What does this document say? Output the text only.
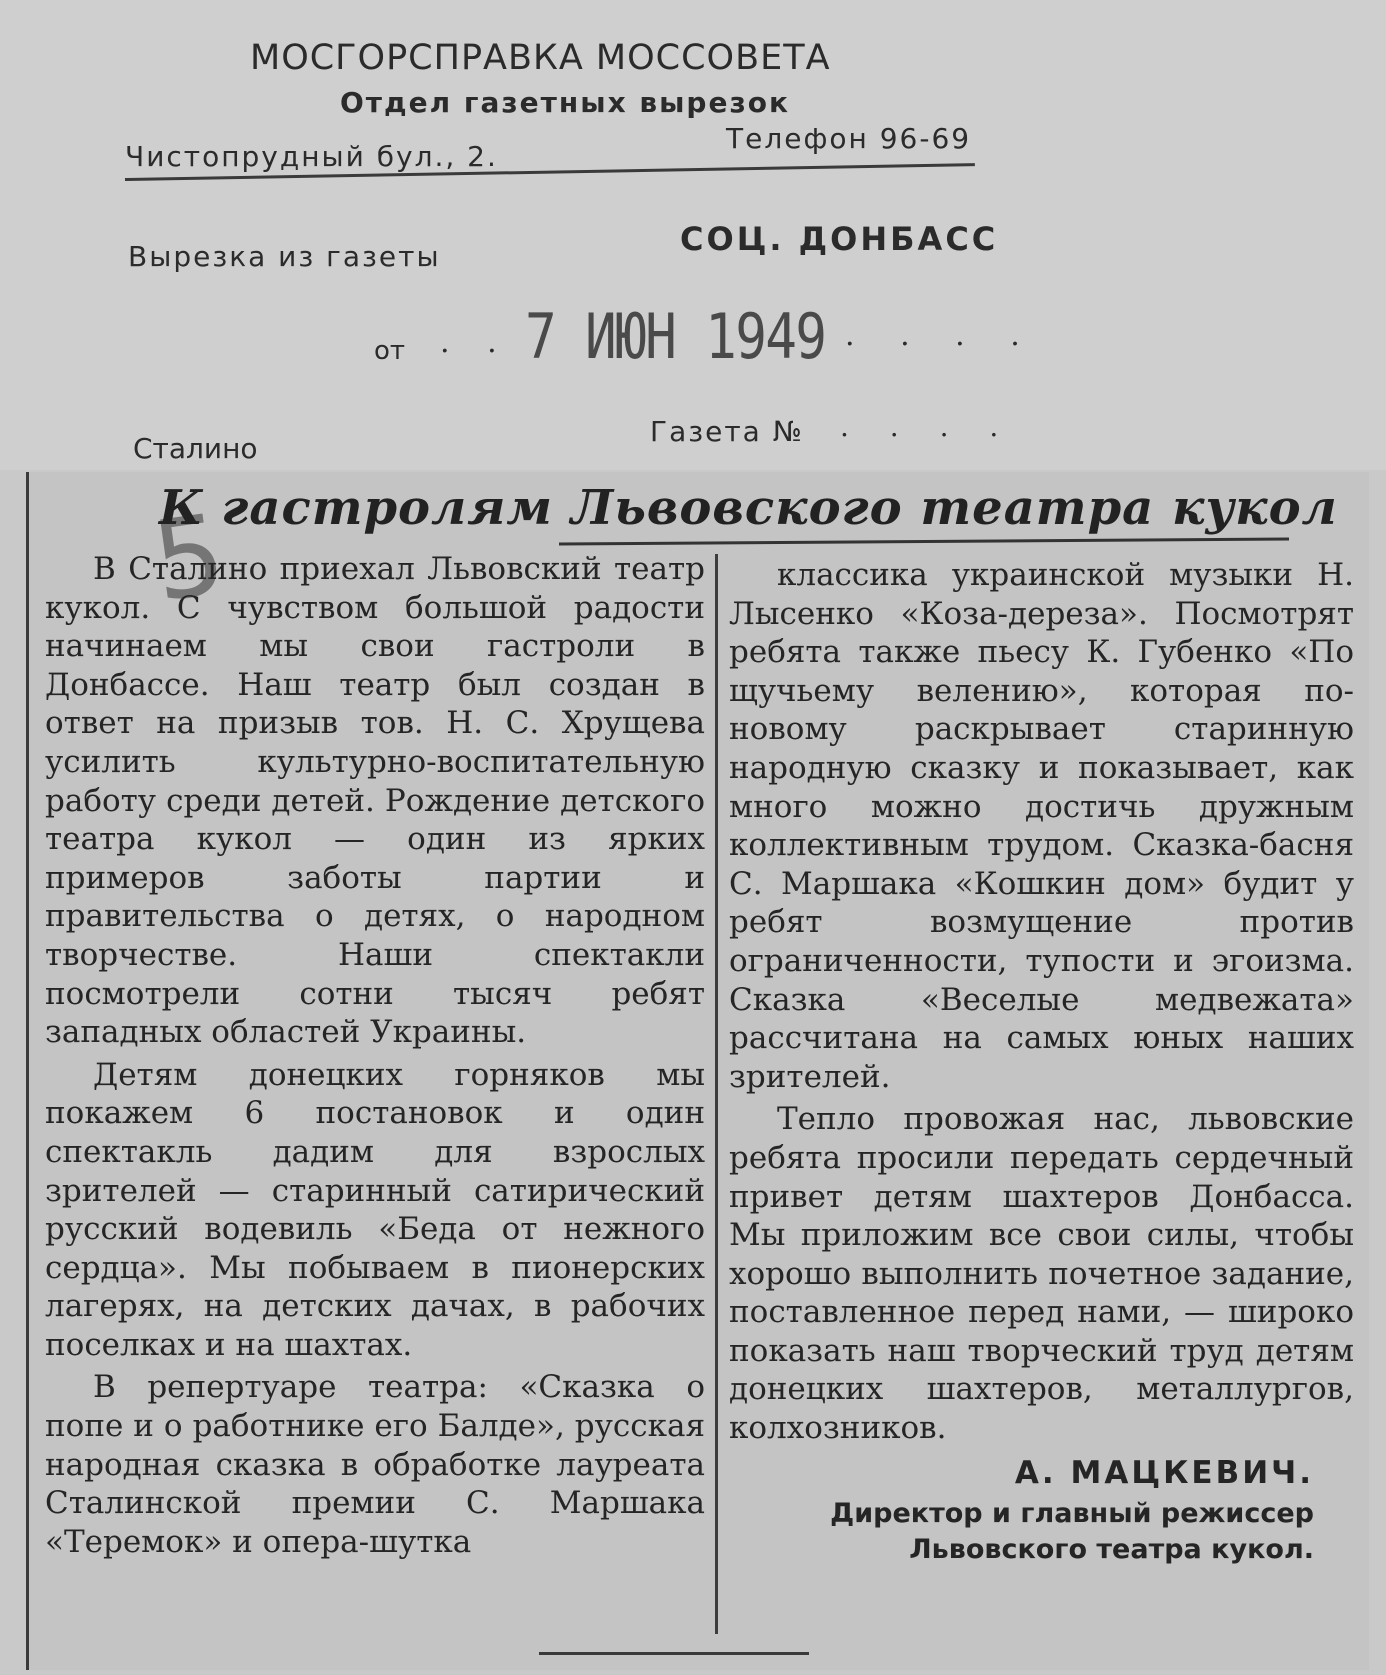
МОСГОРСПРАВКА МОССОВЕТА
Отдел газетных вырезок
Чистопрудный бул., 2.
Телефон 96-69
Вырезка из газеты	СОЦ. ДОНБАСС
от . . 7 ИЮН 1949 . . . .
Газета № . . . .
Сталино
5
К гастролям Львовского театра кукол

В Сталино приехал Львовский театр кукол. С чувством большой радости начинаем мы свои гастроли в Донбассе. Наш театр был создан в ответ на призыв тов. Н. С. Хрущева усилить культурно-воспитательную работу среди детей. Рождение детского театра кукол — один из ярких примеров заботы партии и правительства о детях, о народном творчестве. Наши спектакли посмотрели сотни тысяч ребят западных областей Украины.

Детям донецких горняков мы покажем 6 постановок и один спектакль дадим для взрослых зрителей — старинный сатирический русский водевиль «Беда от нежного сердца». Мы побываем в пионерских лагерях, на детских дачах, в рабочих поселках и на шахтах.

В репертуаре театра: «Сказка о попе и о работнике его Балде», русская народная сказка в обработке лауреата Сталинской премии С. Маршака «Теремок» и опера-шутка

классика украинской музыки Н. Лысенко «Коза-дереза». Посмотрят ребята также пьесу К. Губенко «По щучьему велению», которая по-новому раскрывает старинную народную сказку и показывает, как много можно достичь дружным коллективным трудом. Сказка-басня С. Маршака «Кошкин дом» будит у ребят возмущение против ограниченности, тупости и эгоизма. Сказка «Веселые медвежата» рассчитана на самых юных наших зрителей.

Тепло провожая нас, львовские ребята просили передать сердечный привет детям шахтеров Донбасса. Мы приложим все свои силы, чтобы хорошо выполнить почетное задание, поставленное перед нами, — широко показать наш творческий труд детям донецких шахтеров, металлургов, колхозников.

А. МАЦКЕВИЧ.

Директор и главный режиссер
Львовского театра кукол.
